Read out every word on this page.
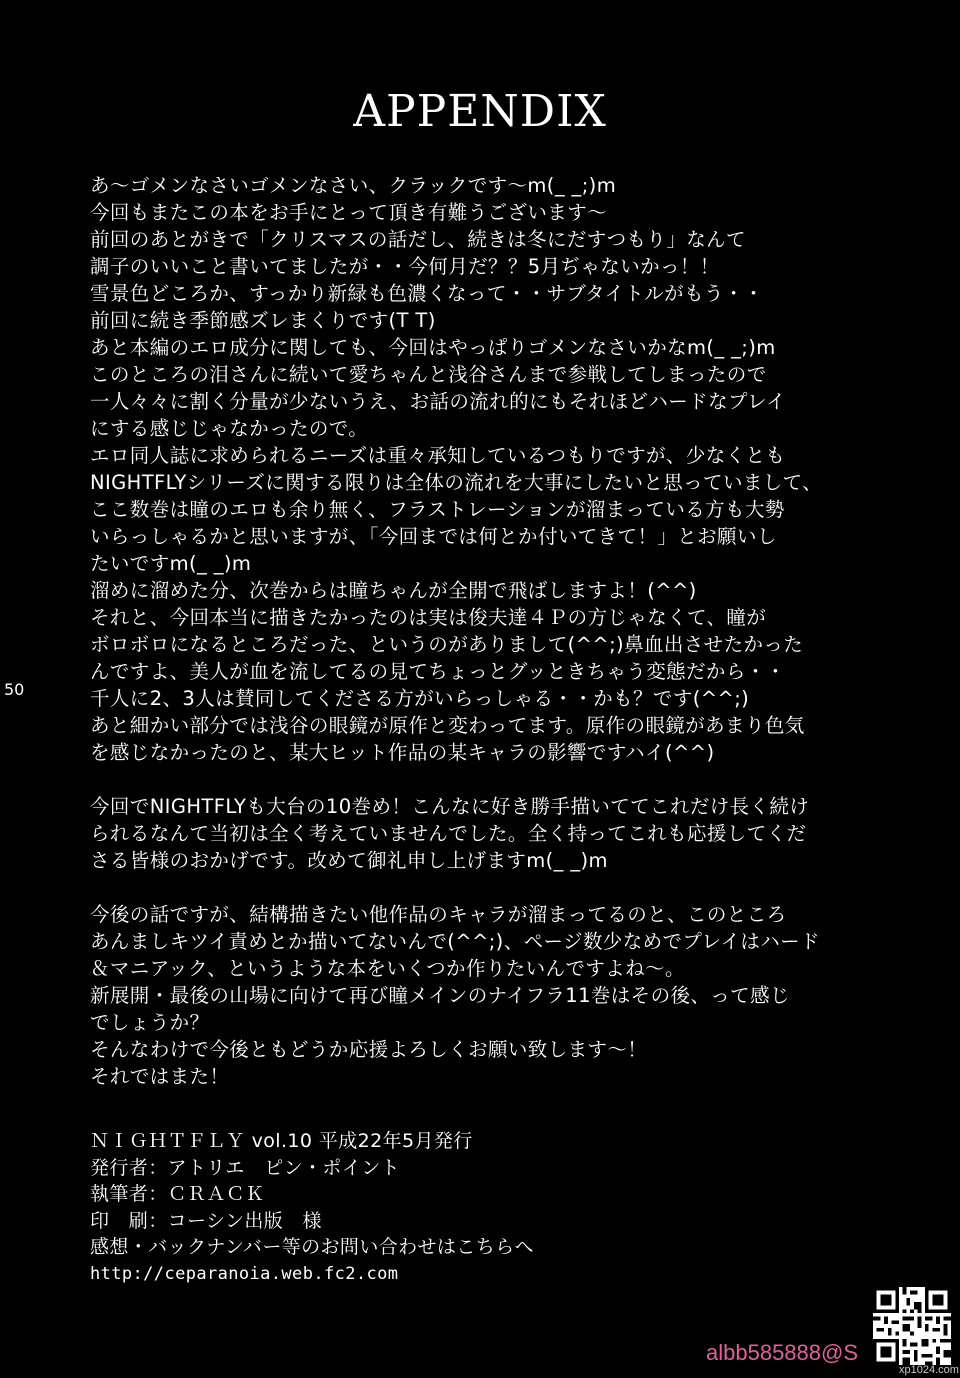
50
APPENDIX
あ〜ゴメンなさいゴメンなさい、クラックです〜m(_ _;)m
今回もまたこの本をお手にとって頂き有難うございます〜
前回のあとがきで「クリスマスの話だし、続きは冬にだすつもり」なんて
調子のいいこと書いてましたが・・今何月だ？？5月ぢゃないかっ！！
雪景色どころか、すっかり新緑も色濃くなって・・サブタイトルがもう・・
前回に続き季節感ズレまくりです(T T)
あと本編のエロ成分に関しても、今回はやっぱりゴメンなさいかなm(_ _;)m
このところの泪さんに続いて愛ちゃんと浅谷さんまで参戦してしまったので
一人々々に割く分量が少ないうえ、お話の流れ的にもそれほどハードなプレイ
にする感じじゃなかったので。
エロ同人誌に求められるニーズは重々承知しているつもりですが、少なくとも
NIGHTFLYシリーズに関する限りは全体の流れを大事にしたいと思っていまして、
ここ数巻は瞳のエロも余り無く、フラストレーションが溜まっている方も大勢
いらっしゃるかと思いますが、「今回までは何とか付いてきて！」とお願いし
たいですm(_ _)m
溜めに溜めた分、次巻からは瞳ちゃんが全開で飛ばしますよ！(^^)
それと、今回本当に描きたかったのは実は俊夫達４Ｐの方じゃなくて、瞳が
ボロボロになるところだった、というのがありまして(^^;)鼻血出させたかった
んですよ、美人が血を流してるの見てちょっとグッときちゃう変態だから・・
千人に2、3人は賛同してくださる方がいらっしゃる・・かも？です(^^;)
あと細かい部分では浅谷の眼鏡が原作と変わってます。原作の眼鏡があまり色気
を感じなかったのと、某大ヒット作品の某キャラの影響ですハイ(^^)
今回でNIGHTFLYも大台の10巻め！こんなに好き勝手描いててこれだけ長く続け
られるなんて当初は全く考えていませんでした。全く持ってこれも応援してくだ
さる皆様のおかげです。改めて御礼申し上げますm(_ _)m
今後の話ですが、結構描きたい他作品のキャラが溜まってるのと、このところ
あんましキツイ責めとか描いてないんで(^^;)、ページ数少なめでプレイはハード
＆マニアック、というような本をいくつか作りたいんですよね〜。
新展開・最後の山場に向けて再び瞳メインのナイフラ11巻はその後、って感じ
でしょうか？
そんなわけで今後ともどうか応援よろしくお願い致します〜！
それではまた！
ＮＩＧＨＴＦＬＹ vol.10 平成22年5月発行
発行者：アトリエ　ピン・ポイント
執筆者：ＣＲＡＣＫ
印　刷：コーシン出版　様
感想・バックナンバー等のお問い合わせはこちらへ
http://ceparanoia.web.fc2.com
albb585888@S
xp1024.com
